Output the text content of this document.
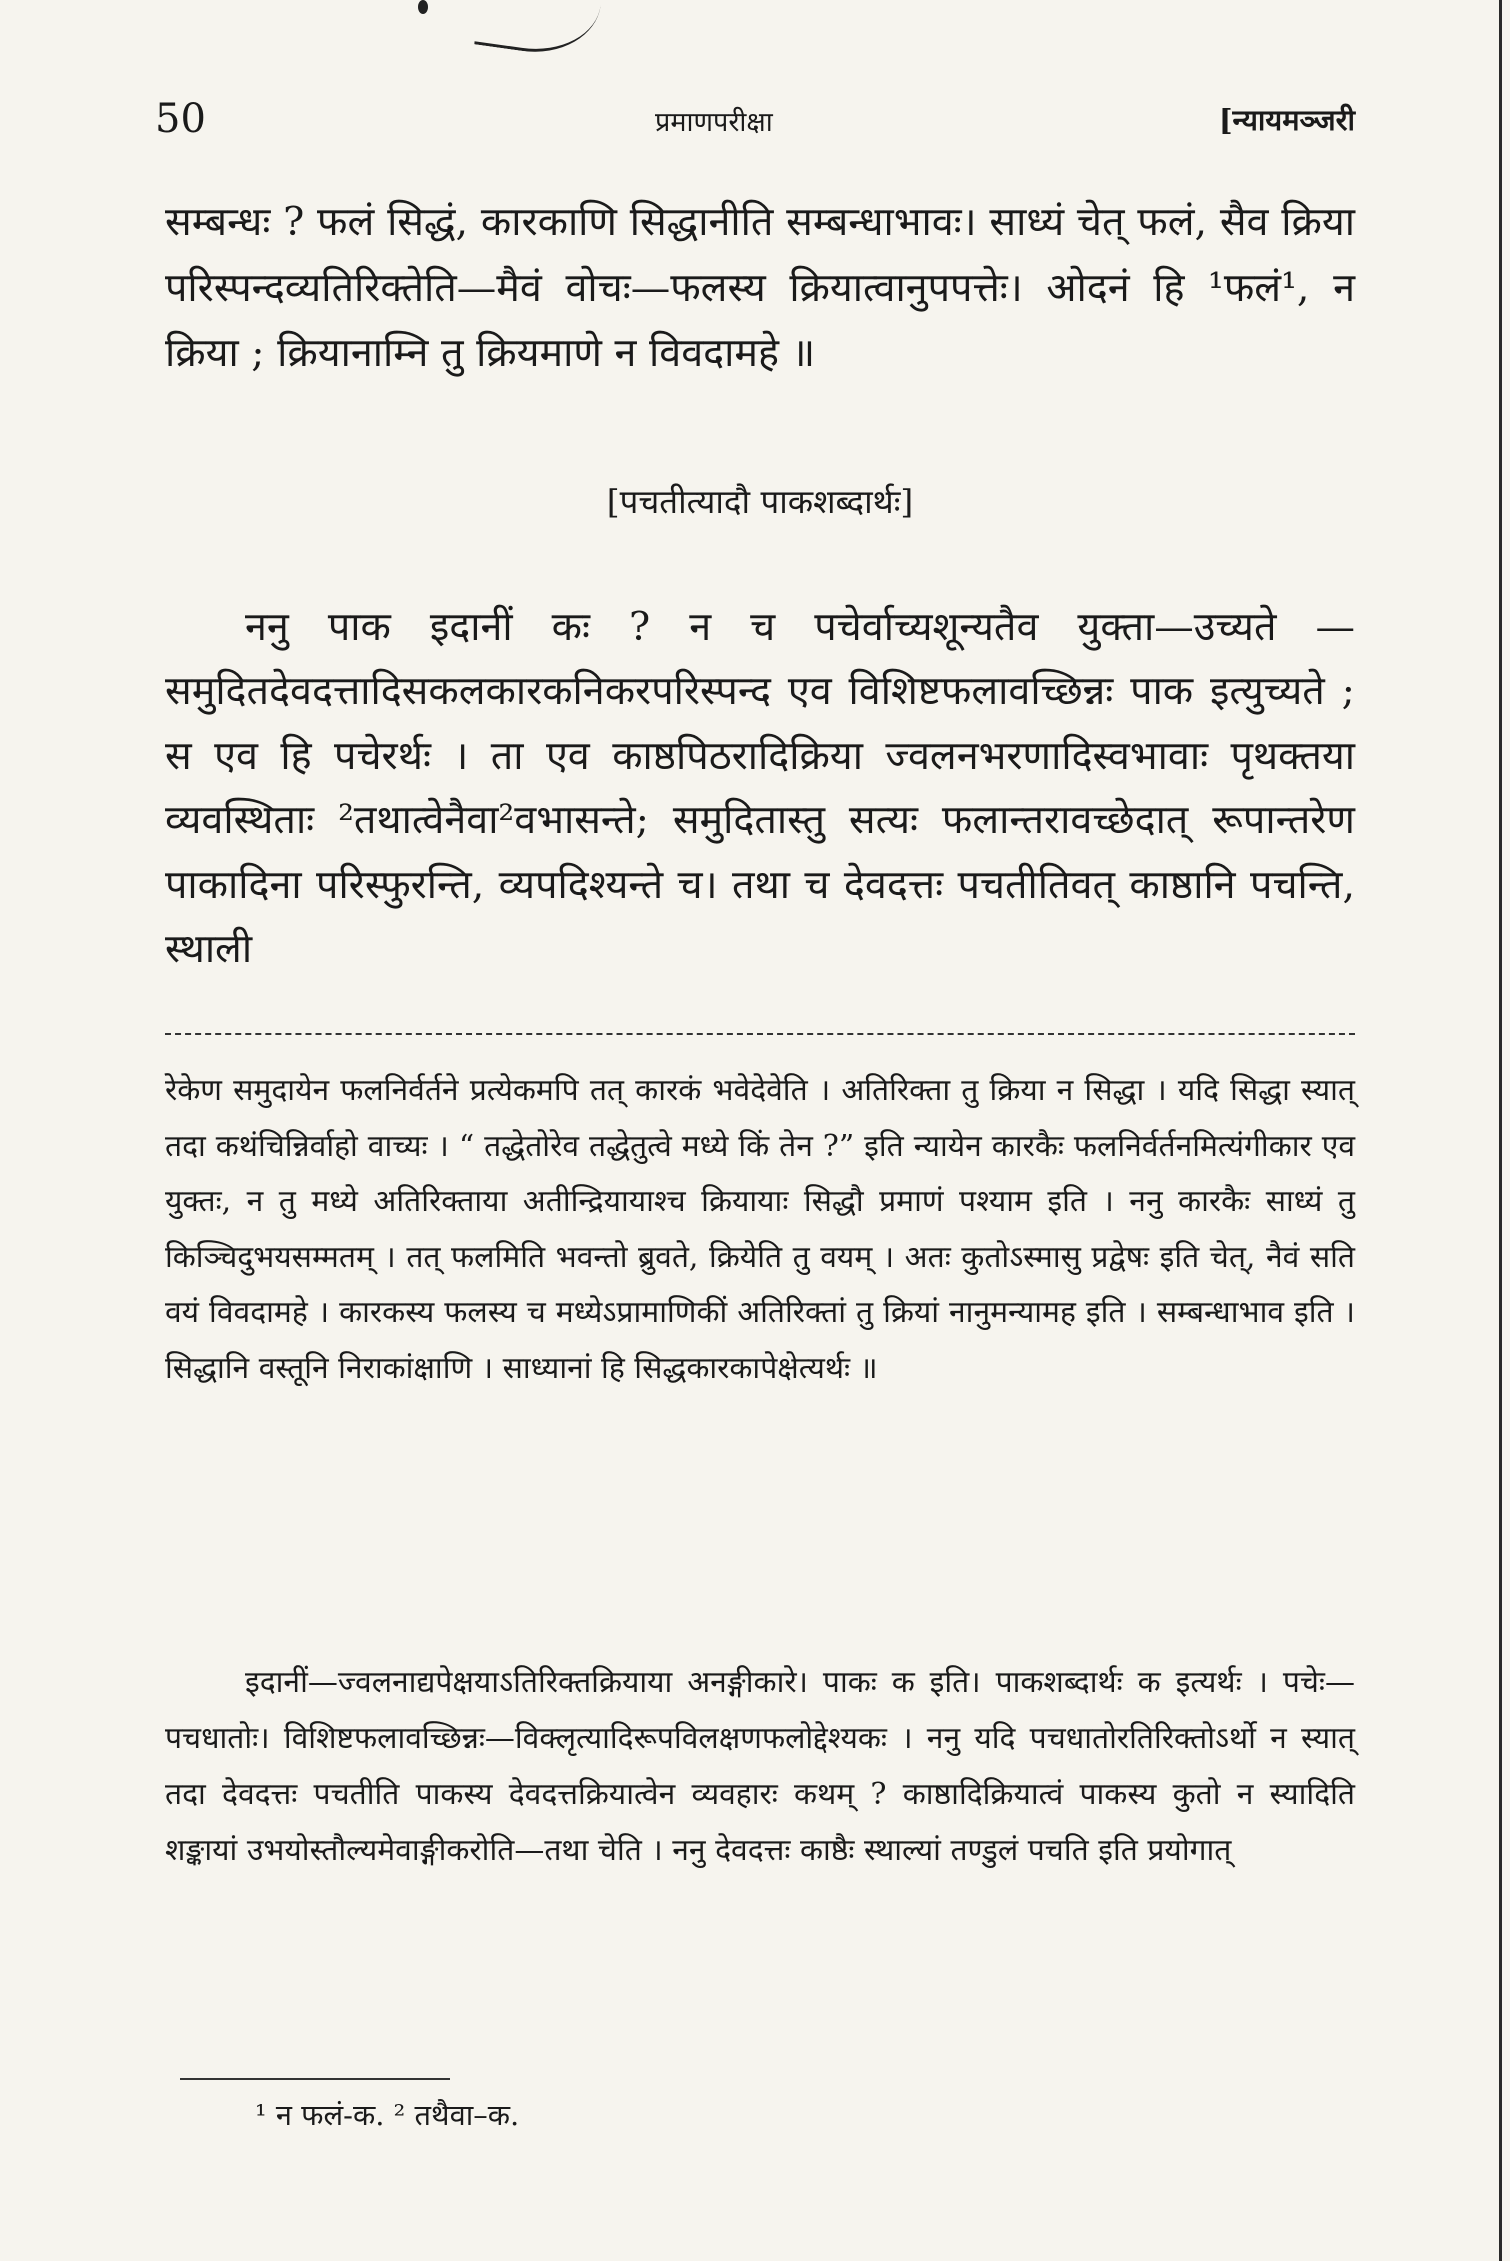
50	प्रमाणपरीक्षा	[न्यायमञ्जरी

सम्बन्धः ? फलं सिद्धं, कारकाणि सिद्धानीति सम्बन्धाभावः। साध्यं चेत् फलं, सैव क्रिया परिस्पन्दव्यतिरिक्तेति—मैवं वोचः—फलस्य क्रियात्वानुपपत्तेः। ओदनं हि ¹फलं¹, न क्रिया ; क्रियानाम्नि तु क्रियमाणे न विवदामहे ॥

[पचतीत्यादौ पाकशब्दार्थः]

ननु पाक इदानीं कः ? न च पचेर्वाच्यशून्यतैव युक्ता—उच्यते — समुदितदेवदत्तादिसकलकारकनिकरपरिस्पन्द एव विशिष्टफलावच्छिन्नः पाक इत्युच्यते ; स एव हि पचेरर्थः । ता एव काष्ठपिठरादिक्रिया ज्वलनभरणादिस्वभावाः पृथक्तया व्यवस्थिताः ²तथात्वेनैवा²वभासन्ते; समुदितास्तु सत्यः फलान्तरावच्छेदात् रूपान्तरेण पाकादिना परिस्फुरन्ति, व्यपदिश्यन्ते च। तथा च देवदत्तः पचतीतिवत् काष्ठानि पचन्ति, स्थाली

रेकेण समुदायेन फलनिर्वर्तने प्रत्येकमपि तत् कारकं भवेदेवेति । अतिरिक्ता तु क्रिया न सिद्धा । यदि सिद्धा स्यात् तदा कथंचिन्निर्वाहो वाच्यः । “ तद्धेतोरेव तद्धेतुत्वे मध्ये किं तेन ?” इति न्यायेन कारकैः फलनिर्वर्तनमित्यंगीकार एव युक्तः, न तु मध्ये अतिरिक्ताया अतीन्द्रियायाश्च क्रियायाः सिद्धौ प्रमाणं पश्याम इति । ननु कारकैः साध्यं तु किञ्चिदुभयसम्मतम् । तत् फलमिति भवन्तो ब्रुवते, क्रियेति तु वयम् । अतः कुतोऽस्मासु प्रद्वेषः इति चेत्, नैवं सति वयं विवदामहे । कारकस्य फलस्य च मध्येऽप्रामाणिकीं अतिरिक्तां तु क्रियां नानुमन्यामह इति । सम्बन्धाभाव इति । सिद्धानि वस्तूनि निराकांक्षाणि । साध्यानां हि सिद्धकारकापेक्षेत्यर्थः ॥
इदानीं—ज्वलनाद्यपेक्षयाऽतिरिक्तक्रियाया अनङ्गीकारे। पाकः क इति। पाकशब्दार्थः क इत्यर्थः । पचेः—पचधातोः। विशिष्टफलावच्छिन्नः—विक्लृत्यादिरूपविलक्षणफलोद्देश्यकः । ननु यदि पचधातोरतिरिक्तोऽर्थो न स्यात् तदा देवदत्तः पचतीति पाकस्य देवदत्तक्रियात्वेन व्यवहारः कथम् ? काष्ठादिक्रियात्वं पाकस्य कुतो न स्यादिति शङ्कायां उभयोस्तौल्यमेवाङ्गीकरोति—तथा चेति । ननु देवदत्तः काष्ठैः स्थाल्यां तण्डुलं पचति इति प्रयोगात्
¹ न फलं-क. ² तथैवा–क.
